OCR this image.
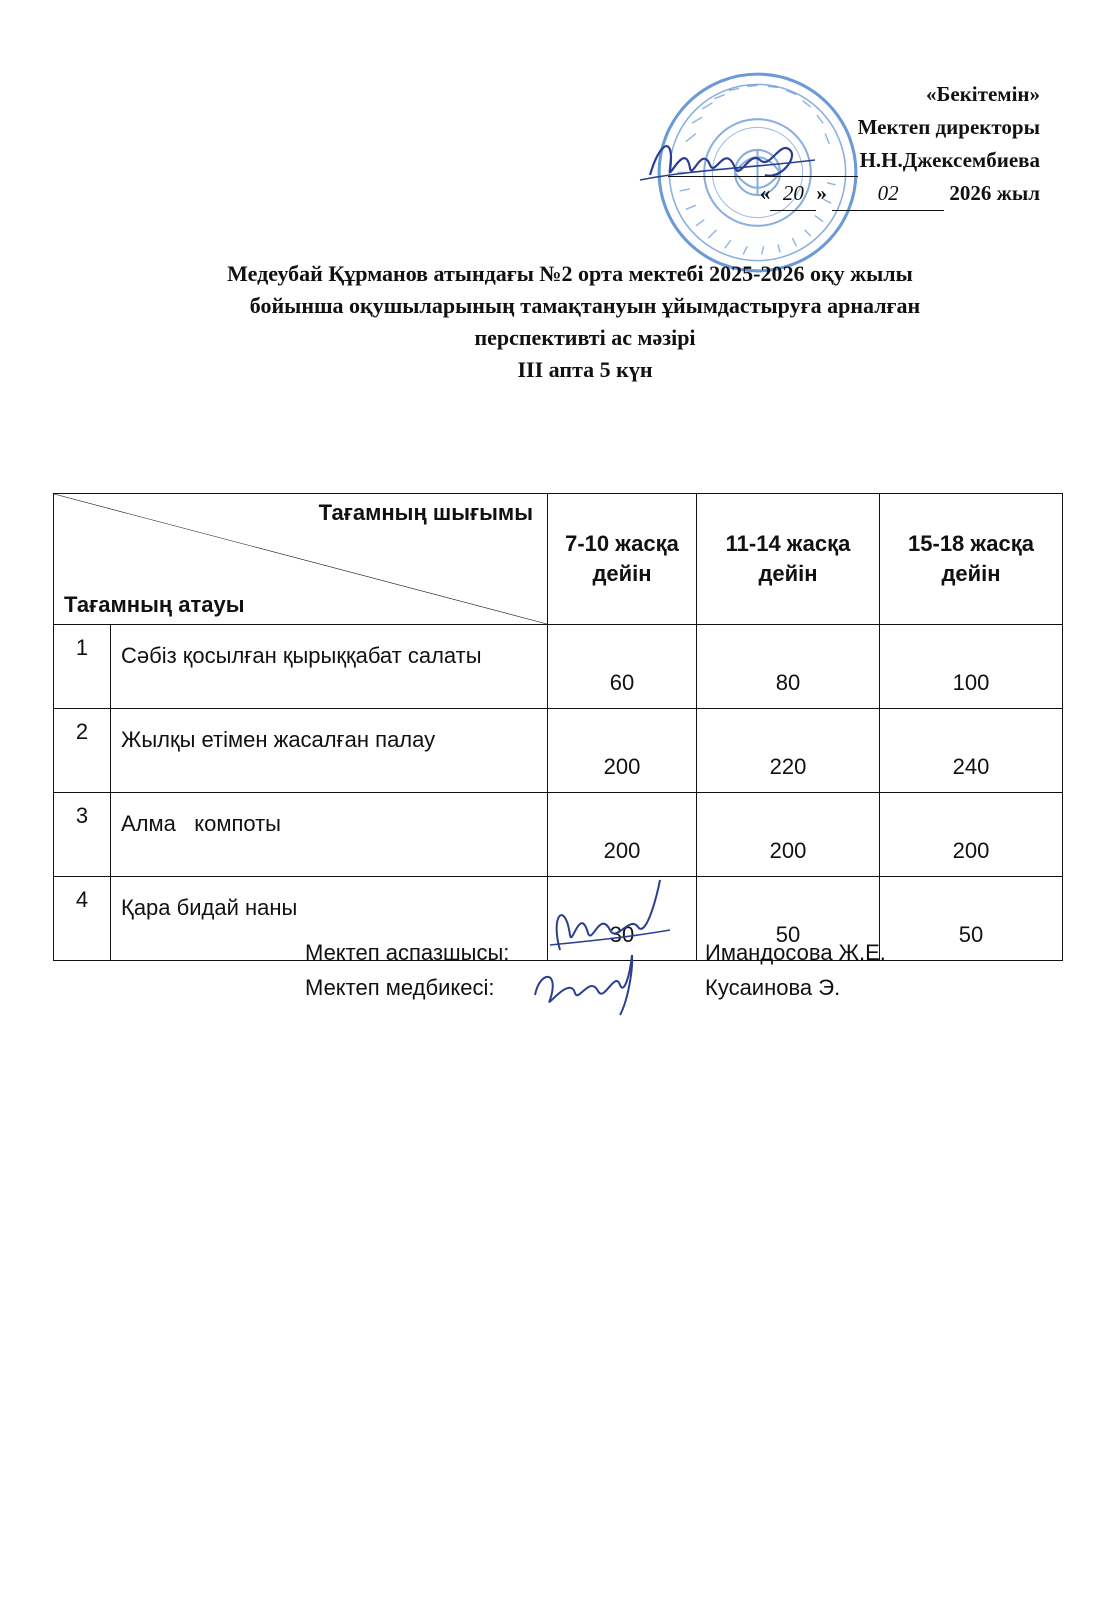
«Бекітемін»
Мектеп директоры
Н.Н.Джексембиева
« 20 » 02 2026 жыл
Медеубай Құрманов атындағы №2 орта мектебі 2025-2026 оқу жылы
бойынша оқушыларының тамақтануын ұйымдастыруға арналған
перспективті ас мәзірі
ІІІ апта 5 күн
Тағамның шығымы
Тағамның атауы		7-10 жасқа дейін	11-14 жасқа дейін	15-18 жасқа дейін
1	Сәбіз қосылған қырыққабат салаты	60	80	100
2	Жылқы етімен жасалған палау	200	220	240
3	Алма   компоты	200	200	200
4	Қара бидай наны	30	50	50
Мектеп аспазшысы:	Имандосова Ж.Е.
Мектеп медбикесі:	Кусаинова Э.
